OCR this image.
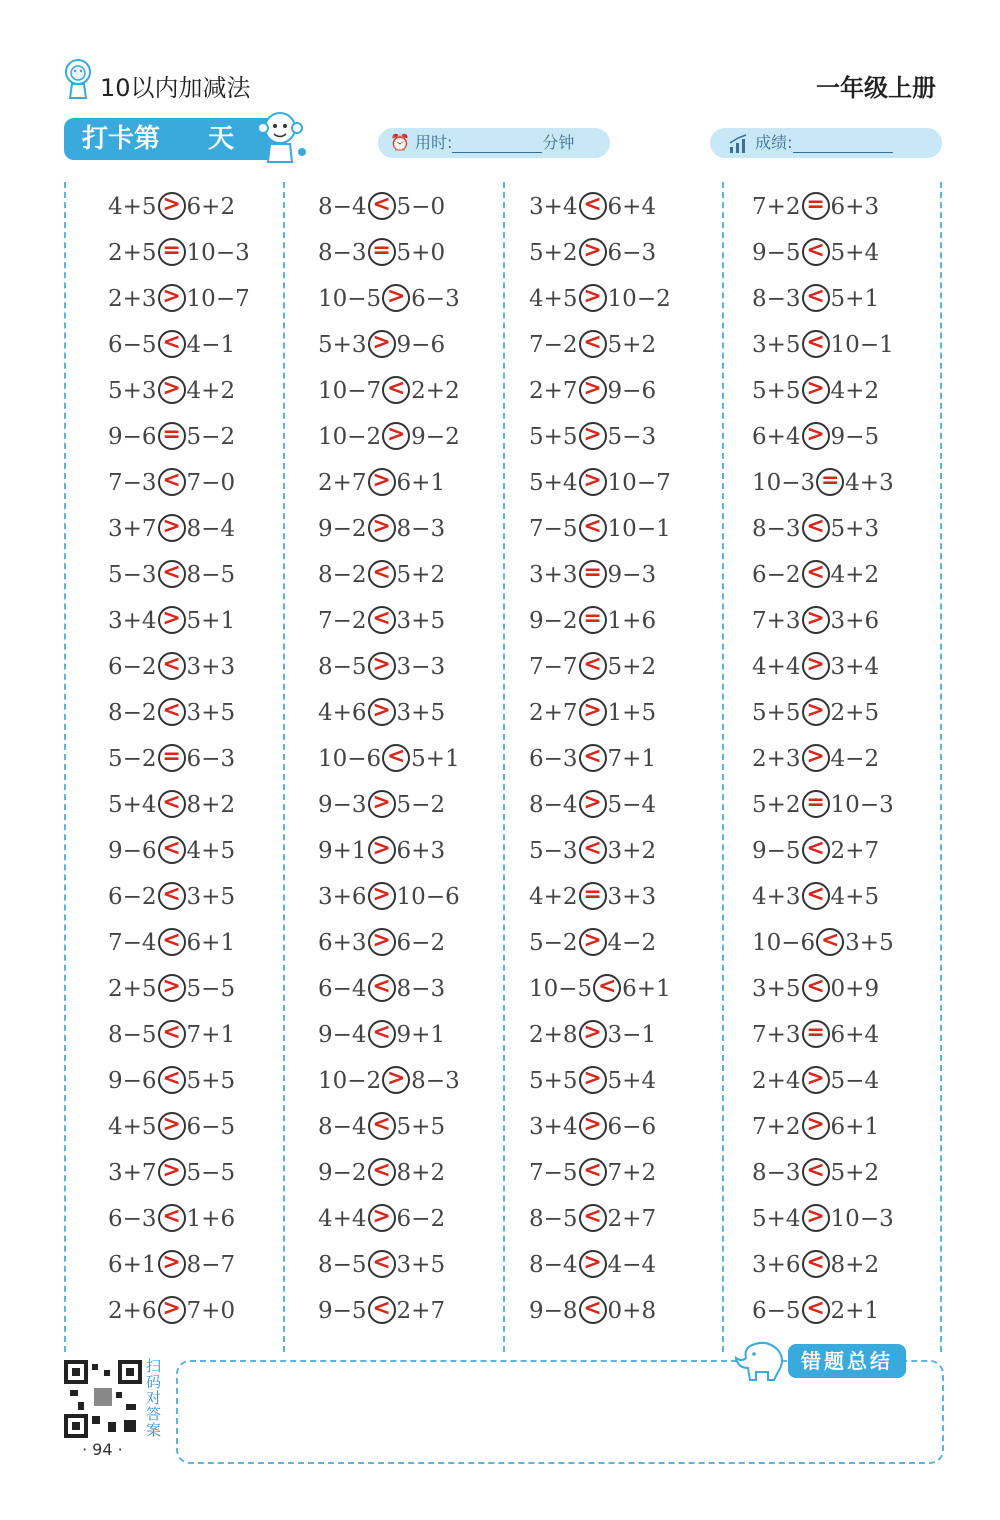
10以内加减法	一年级上册
打卡第 天	⏰ 用时:	分钟	成绩:
4+5 > 6+2
2+5 = 10−3
2+3 > 10−7
6−5 < 4−1
5+3 > 4+2
9−6 = 5−2
7−3 < 7−0
3+7 > 8−4
5−3 < 8−5
3+4 > 5+1
6−2 < 3+3
8−2 < 3+5
5−2 = 6−3
5+4 < 8+2
9−6 < 4+5
6−2 < 3+5
7−4 < 6+1
2+5 > 5−5
8−5 < 7+1
9−6 < 5+5
4+5 > 6−5
3+7 > 5−5
6−3 < 1+6
6+1 > 8−7
2+6 > 7+0
8−4 < 5−0
8−3 = 5+0
10−5 > 6−3
5+3 > 9−6
10−7 < 2+2
10−2 > 9−2
2+7 > 6+1
9−2 > 8−3
8−2 < 5+2
7−2 < 3+5
8−5 > 3−3
4+6 > 3+5
10−6 < 5+1
9−3 > 5−2
9+1 > 6+3
3+6 > 10−6
6+3 > 6−2
6−4 < 8−3
9−4 < 9+1
10−2 > 8−3
8−4 < 5+5
9−2 < 8+2
4+4 > 6−2
8−5 < 3+5
9−5 < 2+7
3+4 < 6+4
5+2 > 6−3
4+5 > 10−2
7−2 < 5+2
2+7 > 9−6
5+5 > 5−3
5+4 > 10−7
7−5 < 10−1
3+3 = 9−3
9−2 = 1+6
7−7 < 5+2
2+7 > 1+5
6−3 < 7+1
8−4 > 5−4
5−3 < 3+2
4+2 = 3+3
5−2 > 4−2
10−5 < 6+1
2+8 > 3−1
5+5 > 5+4
3+4 > 6−6
7−5 < 7+2
8−5 < 2+7
8−4 > 4−4
9−8 < 0+8
7+2 = 6+3
9−5 < 5+4
8−3 < 5+1
3+5 < 10−1
5+5 > 4+2
6+4 > 9−5
10−3 = 4+3
8−3 < 5+3
6−2 < 4+2
7+3 > 3+6
4+4 > 3+4
5+5 > 2+5
2+3 > 4−2
5+2 = 10−3
9−5 < 2+7
4+3 < 4+5
10−6 < 3+5
3+5 < 0+9
7+3 = 6+4
2+4 > 5−4
7+2 > 6+1
8−3 < 5+2
5+4 > 10−3
3+6 < 8+2
6−5 < 2+1
扫码对答案
· 94 ·
错题总结
